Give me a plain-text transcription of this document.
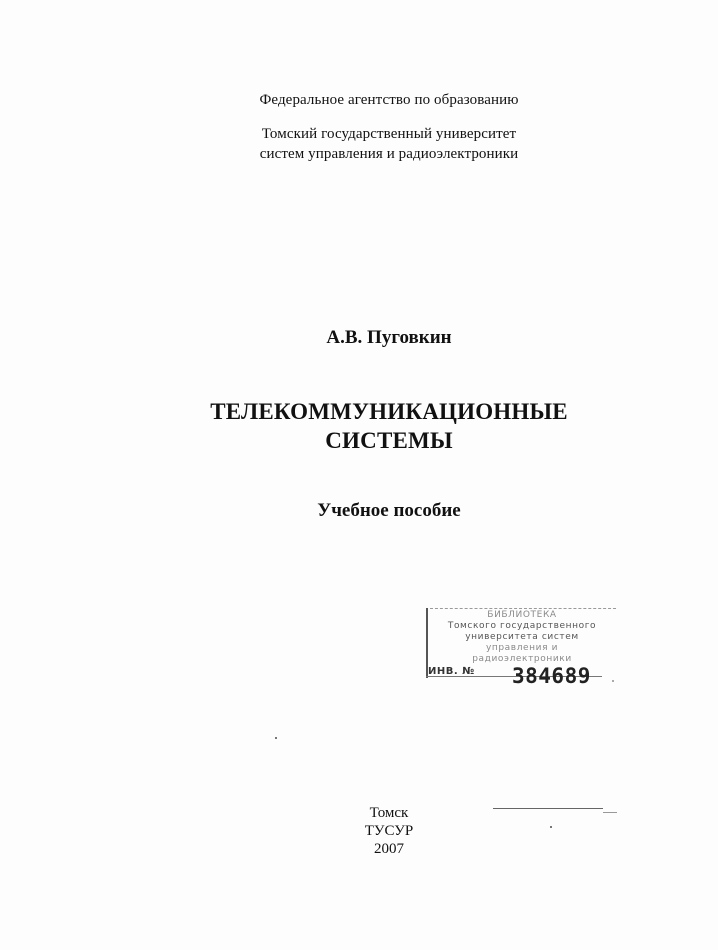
Федеральное агентство по образованию
Томский государственный университет
систем управления и радиоэлектроники
А.В. Пуговкин
ТЕЛЕКОММУНИКАЦИОННЫЕ
СИСТЕМЫ
Учебное пособие
БИБЛИОТЕКА
Томского государственного
университета систем
управления и
радиоэлектроники
ИНВ. № 384689
Томск
ТУСУР
2007
